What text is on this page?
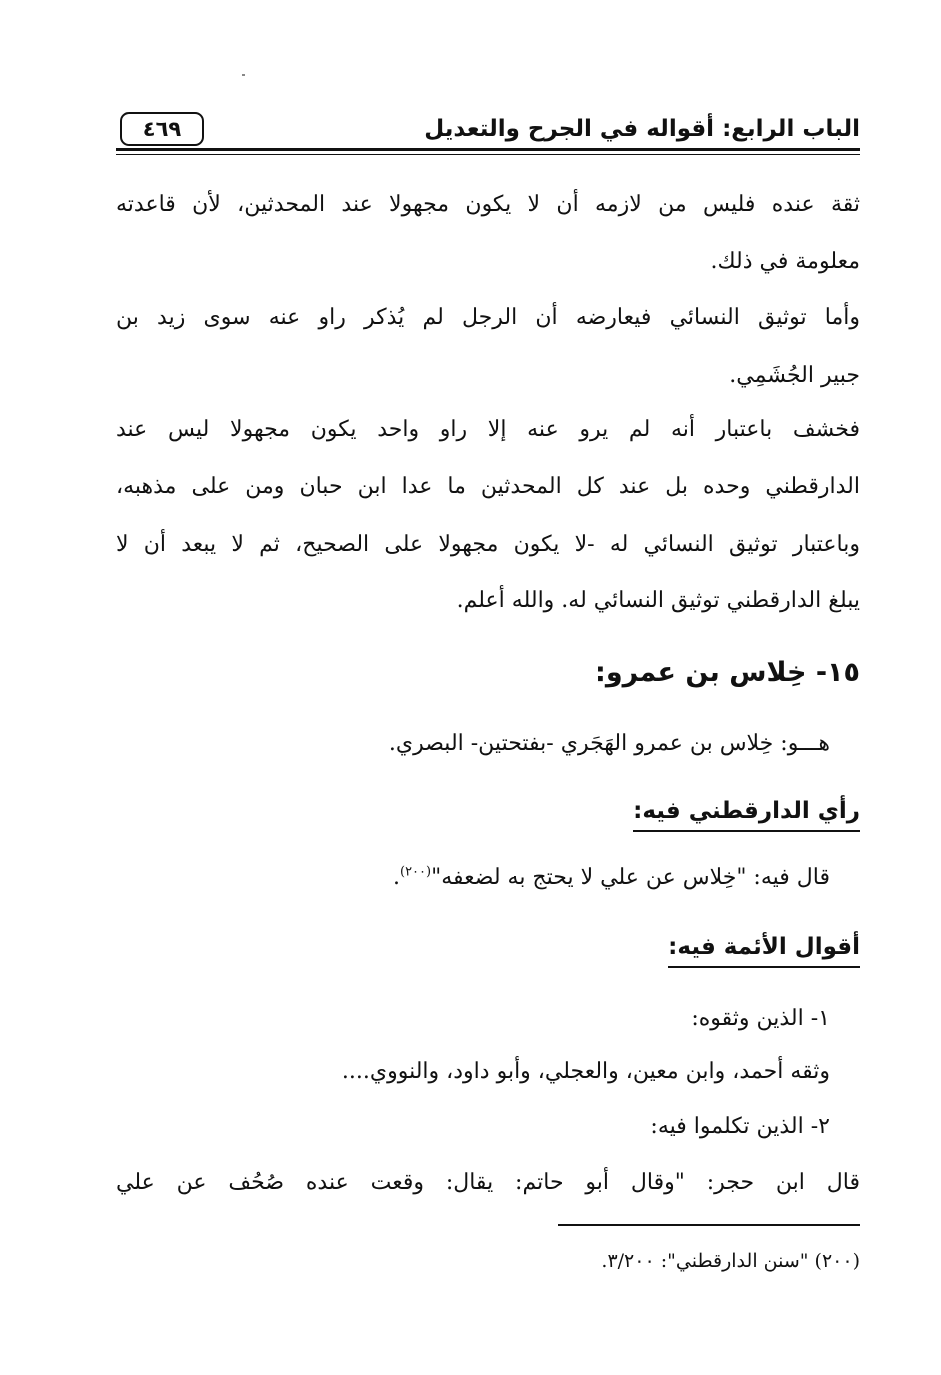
الباب الرابع: أقواله في الجرح والتعديل
٤٦٩
ثقة عنده فليس من لازمه أن لا يكون مجهولا عند المحدثين، لأن قاعدته
معلومة في ذلك.
وأما توثيق النسائي فيعارضه أن الرجل لم يُذكر راو عنه سوى زيد بن
جبير الجُشَمِي.
فخشف باعتبار أنه لم يرو عنه إلا راو واحد يكون مجهولا ليس عند
الدارقطني وحده بل عند كل المحدثين ما عدا ابن حبان ومن على مذهبه،
وباعتبار توثيق النسائي له -لا يكون مجهولا على الصحيح، ثم لا يبعد أن لا
يبلغ الدارقطني توثيق النسائي له. والله أعلم.
١٥- خِلاس بن عمرو:
هـــو: خِلاس بن عمرو الهَجَري -بفتحتين- البصري.
رأي الدارقطني فيه:
قال فيه: "خِلاس عن علي لا يحتج به لضعفه"$^{(٢٠٠)}$.
أقوال الأئمة فيه:
١- الذين وثقوه:
وثقه أحمد، وابن معين، والعجلي، وأبو داود، والنووي....
٢- الذين تكلموا فيه:
قال ابن حجر: "وقال أبو حاتم: يقال: وقعت عنده صُحُف عن علي
(٢٠٠) "سنن الدارقطني": ٣/٢٠٠.
